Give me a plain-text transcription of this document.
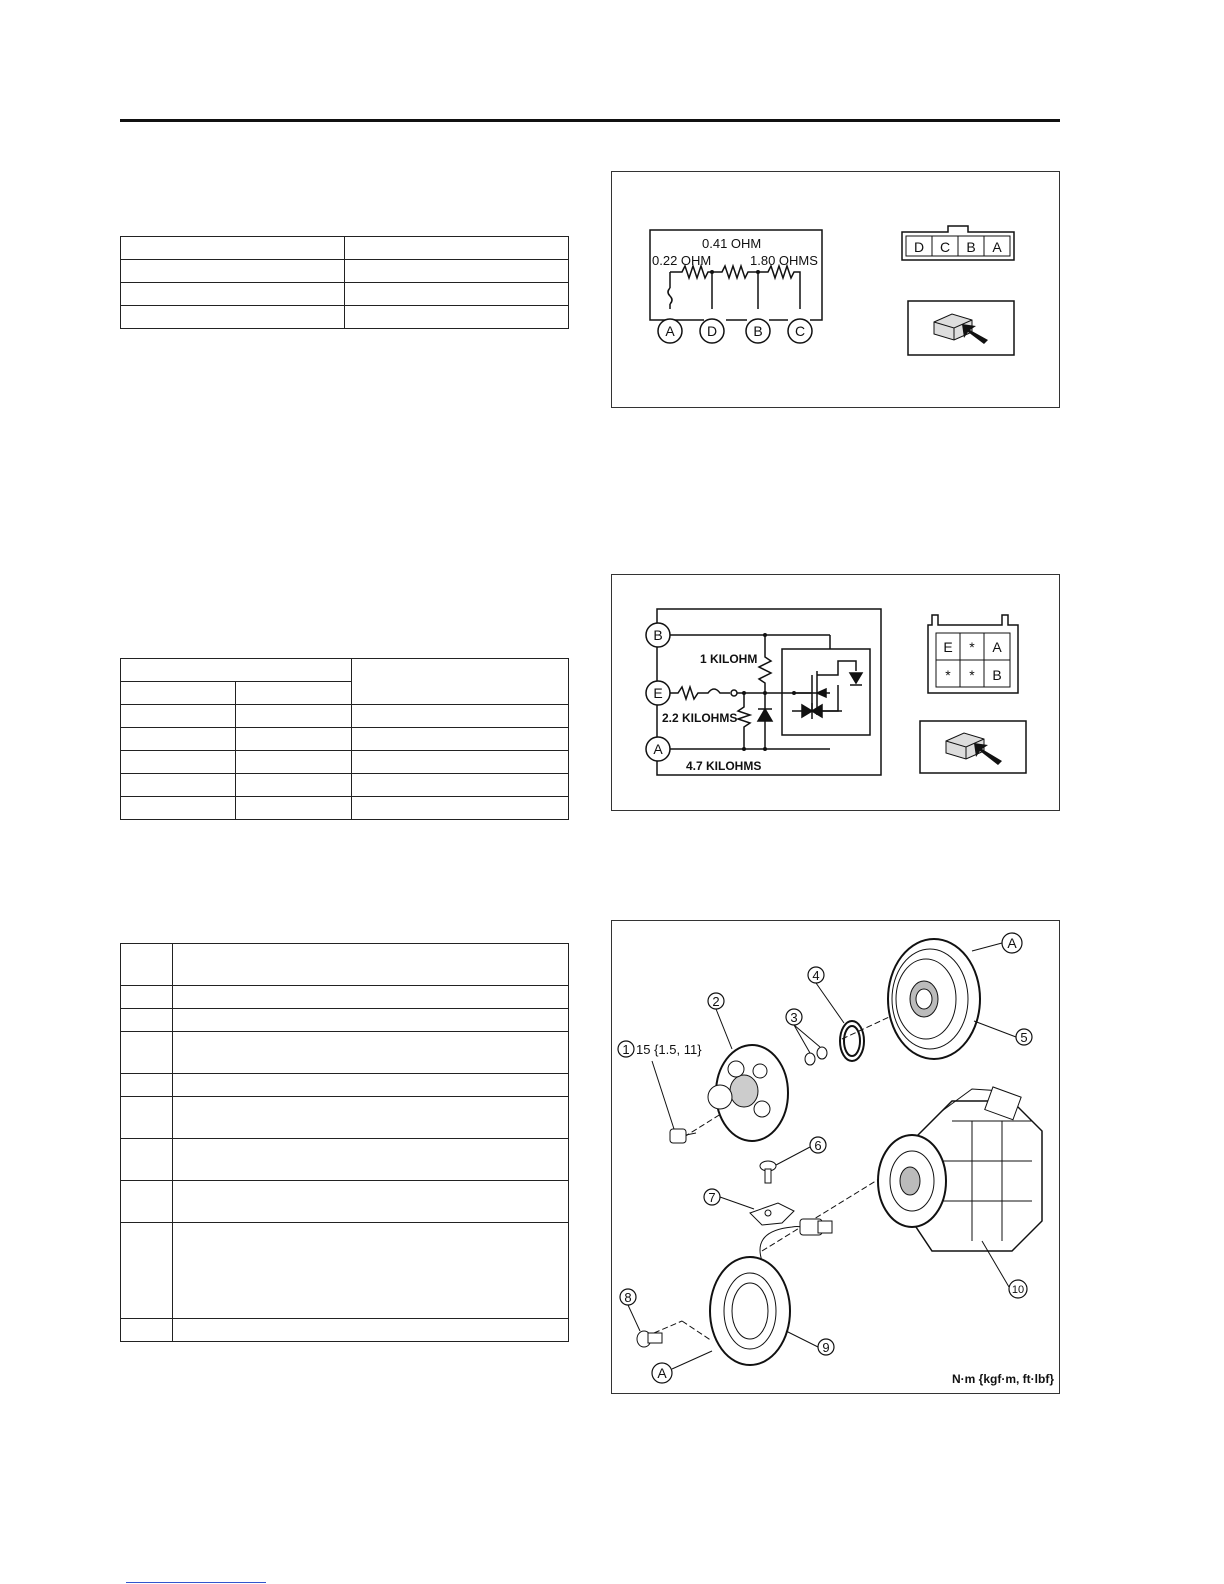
A D	B C
0.41 OHM
0.22 OHM	1.80 OHMS
D C B A
B
E
A
1 KILOHM
2.2 KILOHMS
4.7 KILOHMS
E * A
* * B
1
2
3
4
5
6
7
8
9
10
15 {1.5, 11}
A
A	N·m {kgf·m, ft·lbf}
